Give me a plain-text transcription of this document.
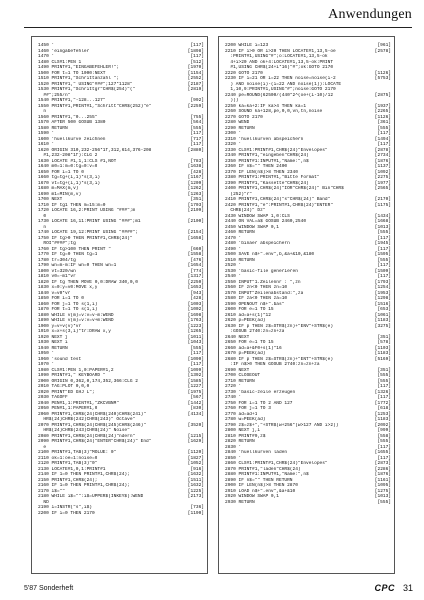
Anwendungen
1450 '	[117]
1460 'eingabefehler	[1898]
1470 '	[117]
1480 CLS#1:PEN 1	[512]
1490 PRINT#1,"EINGABEFEHLER!";	[1970]
1500 FOR t=1 TO 1000:NEXT	[1154]
1510 PRINT#1,"Schrittanzahl ";	[2552]
1520 PRINT#1," USING"###";127*1128"	[2187]
1530 PRINT#1,"Schrittgr"CHR$(254)"("	[2819]
##";255/n"
1540 PRINT#1,"-128...127"	[992]
1550 PRINT#1,PRINT#1,"Schritt"CHR$(252)"e"	[2259]
n
1560 PRINT#1,"0...255"	[755]
1570 AFTER 500 GOSUB 1380	[564]
1580 RETURN	[555]
1590 '	[117]
1600 'huellkurve zeichnen	[717]
1610 '	[117]
1620 ORIGIN 310,232-256*1f,312,614,376-208	[2880]
#1,232-208*1f):CLG 2
1630 LOCATE #1,1,1:CLS #1,NOT	[783]
1640 m0=1:m=0:tg=0:v=0	[1638]
1650 FOR i=1 TO 0	[428]
1660 tg=tg+(i,1)*s(3,i)	[1167]
1670 vt=tg+(i,1)*s(3,i)	[1209]
1680 m=MAX(m,v)	[1262]
1690 m1=MIN(m,v)	[1263]
1700 NEXT	[351]
1710 IF tg1 THEN m=15:m=0	[1703]
1720 LOCATE 16,2:PRINT USING "###";m	[2109]
0
1730 LOCATE 16,11:PRINT USING "###";m1	[2100]
n
1740 LOCATE 19,12:PRINT USING "####";	[2154]
1750 IF tg>0 THEN PRINT#1,CHR$(24)"	[1658]
ROI"####";tg
1760 IF tg>100 THEN PRINT "	[660]
1770 IF tg=0 THEN tg=1	[1558]
1780 tr=304/tg	[476]
1790 wn=m-m:IF wn=0 THEN wn=1	[1654]
1800 vt=320/wn	[774]
1810 v0=-m1*vr	[1317]
1820 IF tg THEN MOVE 0,0:DRAW 340,0,0	[2250]
1830 x=0:y=v0:MOVE x,y	[1653]
1840 v=v0*vr	[943]
1850 FOR i=1 TO 0	[428]
1860 FOR j=1 TO s(1,i)	[1003]
1870 FOR t=1 TO s(1,i)	[1002]
1880 WHILE v(m)=v:v=v-m:WEND	[1698]
1890 WHILE v(m)=v:v=v+m:WEND	[1763]
1900 y=v+v(v)*vr	[1223]
1910 x=x+s(3,i)*tr:DRAW x,y	[1265]
1920 NEXT j	[1011]
1930 NEXT i	[1043]
1940 RETURN	[555]
1950 '	[117]
1960 'sound test	[1090]
1970 '	[117]
1980 CLS#1:PEN 1,0:PAPER#1,2	[1099]
1990 PRINT#1," KEYBOARD "	[1392]
2000 ORIGIN 0,362,0,174,352,366:CLG 2	[1585]
2010 TAG:PLOT 0,0,0	[1227]
2020 PRINT"ED GHJ L";	[1975]
2030 TAGOFF	[567]
2040 PEN#1,1:PRINT#1,"ZKCVBNM"	[1442]
2050 PEN#1,1:PAPER#1,0	[830]
2060 PRINT#1,CHR$(24)CHR$(240)CHR$(241)"	[4134]
HR$(24)CHR$(242)CHR$(243)" Octave"
2070 PRINT#1,CHR$(24)CHR$(245)CHR$(246)"	[3520]
HR$(24)CHR$(243)CHR$(24)" Noise"
2080 PRINT#1,CHR$(24)CHR$(24)"ndern"	[1215]
2090 PRINT#1,CHR$(24)"ENTER"CHR$(24)" End"	[1629]
e
2100 PRINT#1,TAB(3)"MOLUE: 0"	[1120]
2110 ok=1:oe=1:noise=0	[1827]
2120 PRINT#1,TAB(3)"0"	[1052]
2130 LOCATE#1,9,1:PRINT#1	[916]
2140 IF 1=0 THEN PRINT#1,CHR$(24);	[1632]
2150 PRINT#1,CHR$(24);	[1511]
2160 IF 1=0 THEN PRINT#1,CHR$(24);	[1632]
2170 i$=""	[1225]
2180 WHILE i$="":i$=UPPER$(INKEY$):WEND	[2173]
ND
2190 i=INSTR("s",i$)	[736]
2200 IF i=0 THEN 2170	[1190]
2200 WHILE i=123	[961]
2210 IF i>0 OR i>20 THEN LOCATE#1,13,5-oe	[2578]
:PRINT#1,USING"#";o:LOCATE#1,13,5-ok
4+i>20 AND ok+4:LOCATE#1,13,5-ok:PRINT
#1,USING CHR$(24+i*16)"#";ok:GOTO 2170
2220 GOTO 2170	[1126]
2230 IF i=21 OR i=22 THEN noise=noise(i-2	[5753]
) AND noise(i)-(i=22 AND noise(1)):LOCATE
1,10,9:PRINT#1,USING"#";noise:GOTO 2170
2240 pe=ROUND(62500/(440*2^(oe+(i-10)/12	[2875]
)))
2250 ka=ka+2:IF ka>4 THEN ka=1	[1937]
2260 SOUND ka+128,pe,0,0,vn,tn,noise	[2265]
2270 GOTO 2170	[1126]
2280 WEND	[361]
2290 RETURN	[555]
2300 '	[117]
2310 'huellkurven abspeichern	[1494]
2320 '	[117]
2330 CLS#1:PRINT#1,CHR$(24)"Envelopes"	[2878]
2340 PRINT#1,"eingeben"CHR$(24)	[2734]
2350 PRINT#1:INPUT#1,"Name:",n$	[1876]
2360 IF n$="" THEN 2400	[1137]
2370 IF LEN(n$)>8 THEN 2340	[1092]
2380 PRINT#1:PRINT#1,"Bitte Format"	[2275]
2390 PRINT#1,"Kassette"CHR$(24)	[1977]
2400 PRINT#1,CHR$(24)"IOR"CHR$(24)" Bin"CHR$	[2565]
(252)"r"
2410 PRINT#1,CHR$(24)"s"CHR$(24)" Band"	[2170]
2420 PRINT#1,"e":PRINT#1,CHR$(24)"ENTER"	[1175]
CHR$(24)" Dz"
2430 WINDOW SWAP 1,0:CLS	[1434]
2440 ON VAL=a$ GOSUB 2460,2540	[1668]
2450 WINDOW SWAP 0,1	[1013]
2460 RETURN	[555]
2470 '	[117]
2480 'binaer abspeichern	[1945]
2490 '	[117]
2500 SAVE n$+".env",b,&a+&10,&180	[1595]
2510 RETURN	[555]
2520 '	[117]
2530 'basic-file generieren	[1509]
2540 '	[117]
2550 INPUT"1.Zeilennr : ",zn	[1793]
2560 IF zn<0 THEN zn=10	[1254]
2570 INPUT"Zeilenabstand:",za	[1953]
2580 IF za<0 THEN za=10	[1298]
2590 OPENOUT n$+".bas"	[1516]
2600 FOR e=1 TO 15	[653]
2610 ad=a+s(1)*12	[1061]
2620 p=PEEK(ad)	[1183]
2630 IF p THEN z$=STR$(zn)+"ENV"+STR$(e)	[3275]
:GOSUB 2740:zn=zn+za
2640 NEXT	[351]
2650 FOR e=1 TO 15	[578]
2660 ad=a+&F0+s(1)*16	[1103]
2670 p=PEEK(ad)	[1183]
2680 IF p THEN z$=STR$(zn)+"ENT"+STR$(e)	[5169]
:IF n$>0 THEN GOSUB 2740:zn=zn+za
2690 NEXT	[351]
2700 CLOSEOUT	[555]
2710 RETURN	[555]
2720 '	[117]
2730 'basic-zeile erzeugen	[1326]
2740 '	[117]
2750 FOR i=1 TO 2 AND 127	[1772]
2760 FOR j=1 TO 3	[618]
2770 ad=ad+1	[1253]
2780 w=PEEK(ad)	[1183]
2790 z$=z$+","+STR$(w+256*(w>127 AND i>2))	[2092]
2800 NEXT j,i	[999]
2810 PRINT#9,z$	[558]
2820 RETURN	[555]
2830 '	[117]
2840 'huellkurven laden	[1655]
2850 '	[117]
2860 CLS#1:PRINT#1,CHR$(24)"Envelopes"	[2873]
2870 PRINT#1,"laden"CHR$(24)	[2286]
2880 PRINT#1:INPUT#1,"Name:",n$	[1876]
2890 IF n$="" THEN RETURN	[1161]
2900 IF LEN(n$)>8 THEN 2870	[1095]
2910 LOAD n$+".env",&a+&10	[1275]
2920 WINDOW SWAP 0,1	[1013]
2930 RETURN	[555]
5'87 Sonderheft	CPC 31
